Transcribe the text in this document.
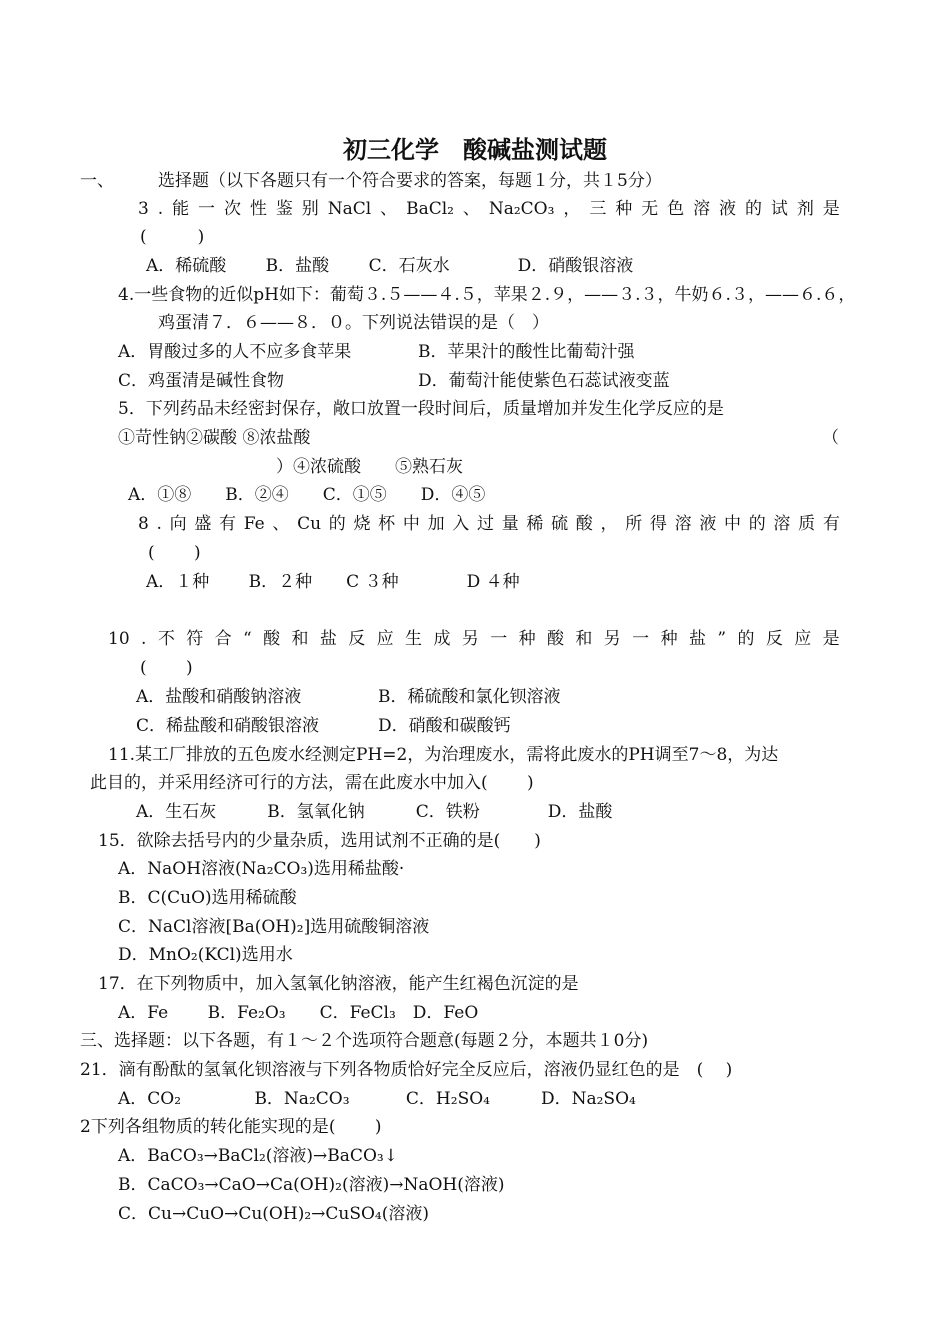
初三化学　酸碱盐测试题
一、	选择题（以下各题只有一个符合要求的答案，每题１分，共１5分）
3 . 能 一 次 性 鉴 别 NaCl 、 BaCl₂ 、 Na₂CO₃ ， 三 种 无 色 溶 液 的 试 剂 是
(　　　)
A．稀硫酸　　 B．盐酸　　 C．石灰水　　　　D．硝酸银溶液
4.一些食物的近似pH如下：葡萄３.５——４.５，苹果２.９，——３.３，牛奶６.３，——６.６，
鸡蛋清７．６——８．０。下列说法错误的是（　）
A．胃酸过多的人不应多食苹果	B．苹果汁的酸性比葡萄汁强
C．鸡蛋清是碱性食物	D．葡萄汁能使紫色石蕊试液变蓝
5．下列药品未经密封保存，敞口放置一段时间后，质量增加并发生化学反应的是
①苛性钠②碳酸 ⑧浓盐酸	（
）④浓硫酸　　⑤熟石灰
A．①⑧　　B．②④　　C．①⑤　　D．④⑤
8 . 向 盛 有 Fe 、 Cu 的 烧 杯 中 加 入 过 量 稀 硫 酸 ， 所 得 溶 液 中 的 溶 质 有
(　　 )
A．１种　　 B．２种　　C ３种　　　　D ４种
10 . 不 符 合 “ 酸 和 盐 反 应 生 成 另 一 种 酸 和 另 一 种 盐 ” 的 反 应 是
(　　 )
A．盐酸和硝酸钠溶液	B．稀硫酸和氯化钡溶液
C．稀盐酸和硝酸银溶液	D．硝酸和碳酸钙
11.某工厂排放的五色废水经测定PH=2，为治理废水，需将此废水的PH调至7～8，为达
此目的，并采用经济可行的方法，需在此废水中加入(　　 )
A．生石灰　　　B．氢氧化钠　　　C．铁粉　　　　D．盐酸
15．欲除去括号内的少量杂质，选用试剂不正确的是(　　)
A．NaOH溶液(Na₂CO₃)选用稀盐酸·
B．C(CuO)选用稀硫酸
C．NaCl溶液[Ba(OH)₂]选用硫酸铜溶液
D．MnO₂(KCl)选用水
17．在下列物质中，加入氢氧化钠溶液，能产生红褐色沉淀的是
A．Fe　　 B．Fe₂O₃　　C．FeCl₃　D．FeO
三、选择题：以下各题，有１～２个选项符合题意(每题２分，本题共１0分)
21．滴有酚酞的氢氧化钡溶液与下列各物质恰好完全反应后，溶液仍显红色的是　(　 )
A．CO₂　　　　 B．Na₂CO₃　　　 C．H₂SO₄　　　D．Na₂SO₄
2下列各组物质的转化能实现的是(　　 )
A．BaCO₃→BaCl₂(溶液)→BaCO₃↓
B．CaCO₃→CaO→Ca(OH)₂(溶液)→NaOH(溶液)
C．Cu→CuO→Cu(OH)₂→CuSO₄(溶液)
